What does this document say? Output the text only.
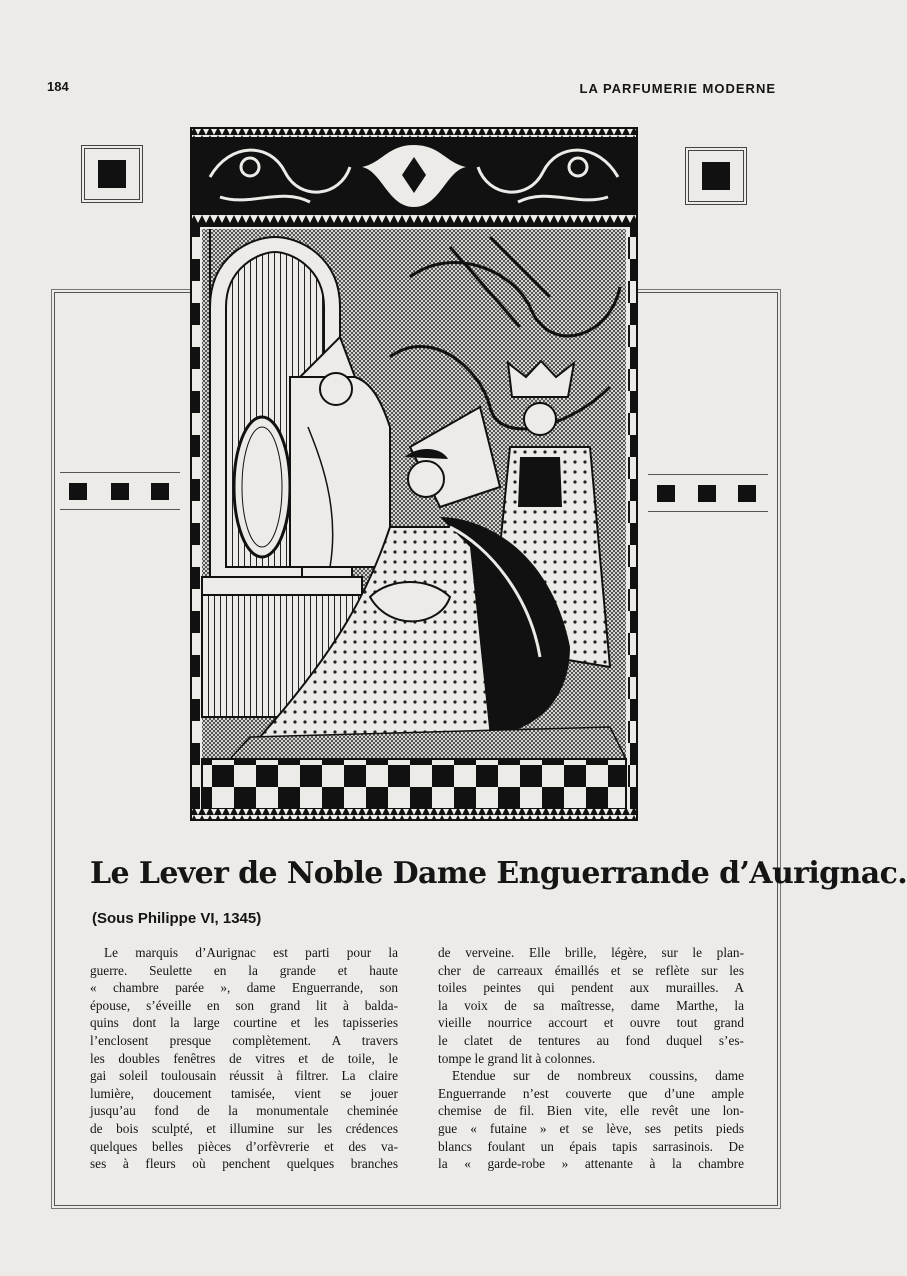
184	LA PARFUMERIE MODERNE
Le Lever de Noble Dame Enguerrande d’Aurignac.
(Sous Philippe VI, 1345)
Le marquis d’Aurignac est parti pour la
guerre. Seulette en la grande et haute
« chambre parée », dame Enguerrande, son
épouse, s’éveille en son grand lit à balda-
quins dont la large courtine et les tapisseries
l’enclosent presque complètement. A travers
les doubles fenêtres de vitres et de toile, le
gai soleil toulousain réussit à filtrer. La claire
lumière, doucement tamisée, vient se jouer
jusqu’au fond de la monumentale cheminée
de bois sculpté, et illumine sur les crédences
quelques belles pièces d’orfèvrerie et des va-
ses à fleurs où penchent quelques branches
de verveine. Elle brille, légère, sur le plan-
cher de carreaux émaillés et se reflète sur les
toiles peintes qui pendent aux murailles. A
la voix de sa maîtresse, dame Marthe, la
vieille nourrice accourt et ouvre tout grand
le clatet de tentures au fond duquel s’es-
tompe le grand lit à colonnes.
Etendue sur de nombreux coussins, dame
Enguerrande n’est couverte que d’une ample
chemise de fil. Bien vite, elle revêt une lon-
gue « futaine » et se lève, ses petits pieds
blancs foulant un épais tapis sarrasinois. De
la « garde-robe » attenante à la chambre
